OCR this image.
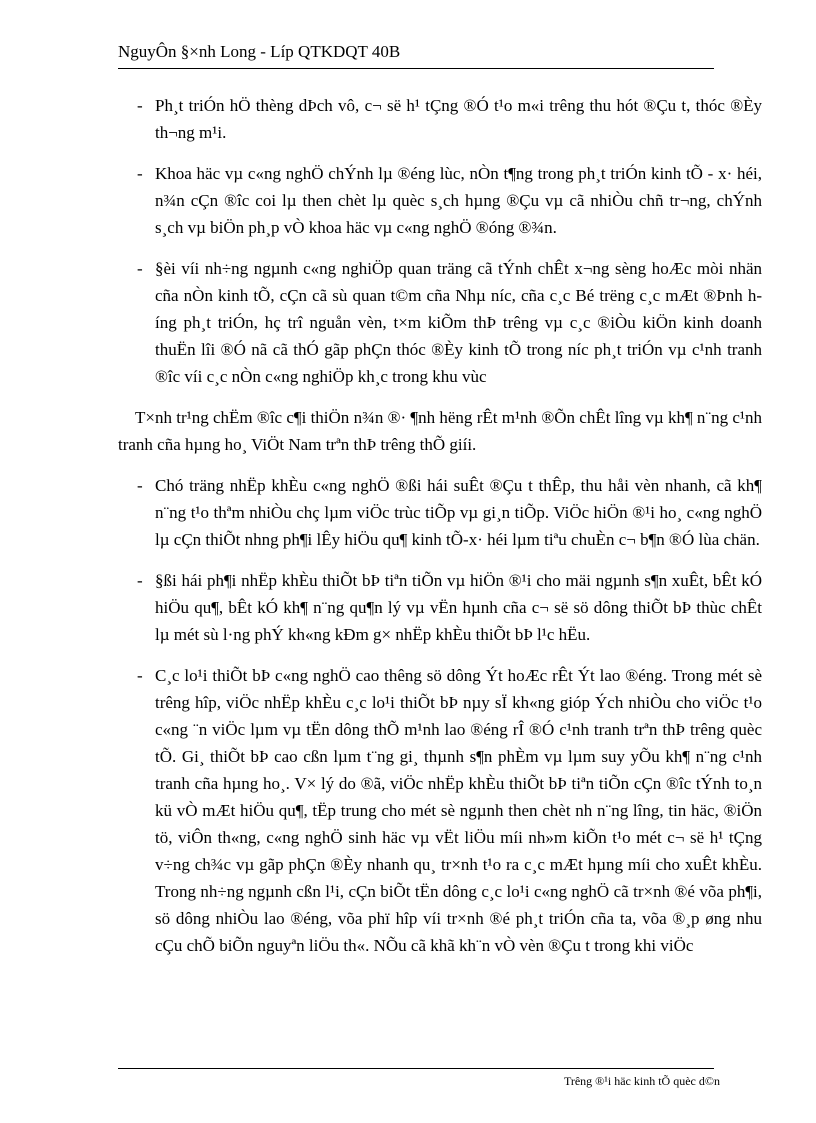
NguyÔn §×nh Long - Líp QTKDQT 40B
- Ph¸t triÓn hÖ thèng dÞch vô, c¬ së h¹ tÇng ®Ó t¹o m«i trêng thu hót ®Çu t, thóc ®Èy th¬ng m¹i.

- Khoa häc vµ c«ng nghÖ chÝnh lµ ®éng lùc, nÒn t¶ng trong ph¸t triÓn kinh tÕ - x· héi, n¾n cÇn ®îc coi lµ then chèt lµ quèc s¸ch hµng ®Çu vµ cã nhiÒu chñ tr¬ng, chÝnh s¸ch vµ biÖn ph¸p vÒ khoa häc vµ c«ng nghÖ ®óng ®¾n.

- §èi víi nh÷ng ngµnh c«ng nghiÖp quan träng cã tÝnh chÊt x¬ng sèng hoÆc mòi nhän cña nÒn kinh tÕ, cÇn cã sù quan t©m cña Nhµ níc, cña c¸c Bé trëng c¸c mÆt ®Þnh híng ph¸t triÓn, hç trî nguån vèn, t×m kiÕm thÞ trêng vµ c¸c ®iÒu kiÖn kinh doanh thuËn lîi ®Ó nã cã thÓ gãp phÇn thóc ®Èy kinh tÕ trong níc ph¸t triÓn vµ c¹nh tranh ®îc víi c¸c nÒn c«ng nghiÖp kh¸c trong khu vùc

T×nh tr¹ng chËm ®îc c¶i thiÖn n¾n ®· ¶nh hëng rÊt m¹nh ®Õn chÊt lîng vµ kh¶ n¨ng c¹nh tranh cña hµng ho¸ ViÖt Nam trªn thÞ trêng thÕ giíi.

- Chó träng nhËp khÈu c«ng nghÖ ®ßi hái suÊt ®Çu t thÊp, thu håi vèn nhanh, cã kh¶ n¨ng t¹o thªm nhiÒu chç lµm viÖc trùc tiÕp vµ gi¸n tiÕp. ViÖc hiÖn ®¹i ho¸ c«ng nghÖ lµ cÇn thiÕt nhng ph¶i lÊy hiÖu qu¶ kinh tÕ-x· héi lµm tiªu chuÈn c¬ b¶n ®Ó lùa chän.

- §ßi hái ph¶i nhËp khÈu thiÕt bÞ tiªn tiÕn vµ hiÖn ®¹i cho mäi ngµnh s¶n xuÊt, bÊt kÓ hiÖu qu¶, bÊt kÓ kh¶ n¨ng qu¶n lý vµ vËn hµnh cña c¬ së sö dông thiÕt bÞ thùc chÊt lµ mét sù l·ng phÝ kh«ng kÐm g× nhËp khÈu thiÕt bÞ l¹c hËu.

- C¸c lo¹i thiÕt bÞ c«ng nghÖ cao thêng sö dông Ýt hoÆc rÊt Ýt lao ®éng. Trong mét sè trêng hîp, viÖc nhËp khÈu c¸c lo¹i thiÕt bÞ nµy sÏ kh«ng gióp Ých nhiÒu cho viÖc t¹o c«ng ¨n viÖc lµm vµ tËn dông thÕ m¹nh lao ®éng rÎ ®Ó c¹nh tranh trªn thÞ trêng quèc tÕ. Gi¸ thiÕt bÞ cao cßn lµm t¨ng gi¸ thµnh s¶n phÈm vµ lµm suy yÕu kh¶ n¨ng c¹nh tranh cña hµng ho¸. V× lý do ®ã, viÖc nhËp khÈu thiÕt bÞ tiªn tiÕn cÇn ®îc tÝnh to¸n kü vÒ mÆt hiÖu qu¶, tËp trung cho mét sè ngµnh then chèt nh n¨ng lîng, tin häc, ®iÖn tö, viÔn th«ng, c«ng nghÖ sinh häc vµ vËt liÖu míi nh»m kiÕn t¹o mét c¬ së h¹ tÇng v÷ng ch¾c vµ gãp phÇn ®Èy nhanh qu¸ tr×nh t¹o ra c¸c mÆt hµng míi cho xuÊt khÈu. Trong nh÷ng ngµnh cßn l¹i, cÇn biÕt tËn dông c¸c lo¹i c«ng nghÖ cã tr×nh ®é võa ph¶i, sö dông nhiÒu lao ®éng, võa phï hîp víi tr×nh ®é ph¸t triÓn cña ta, võa ®¸p øng nhu cÇu chÕ biÕn nguyªn liÖu th«. NÕu cã khã kh¨n vÒ vèn ®Çu t trong khi viÖc

Trêng ®¹i häc kinh tÕ quèc d©n
